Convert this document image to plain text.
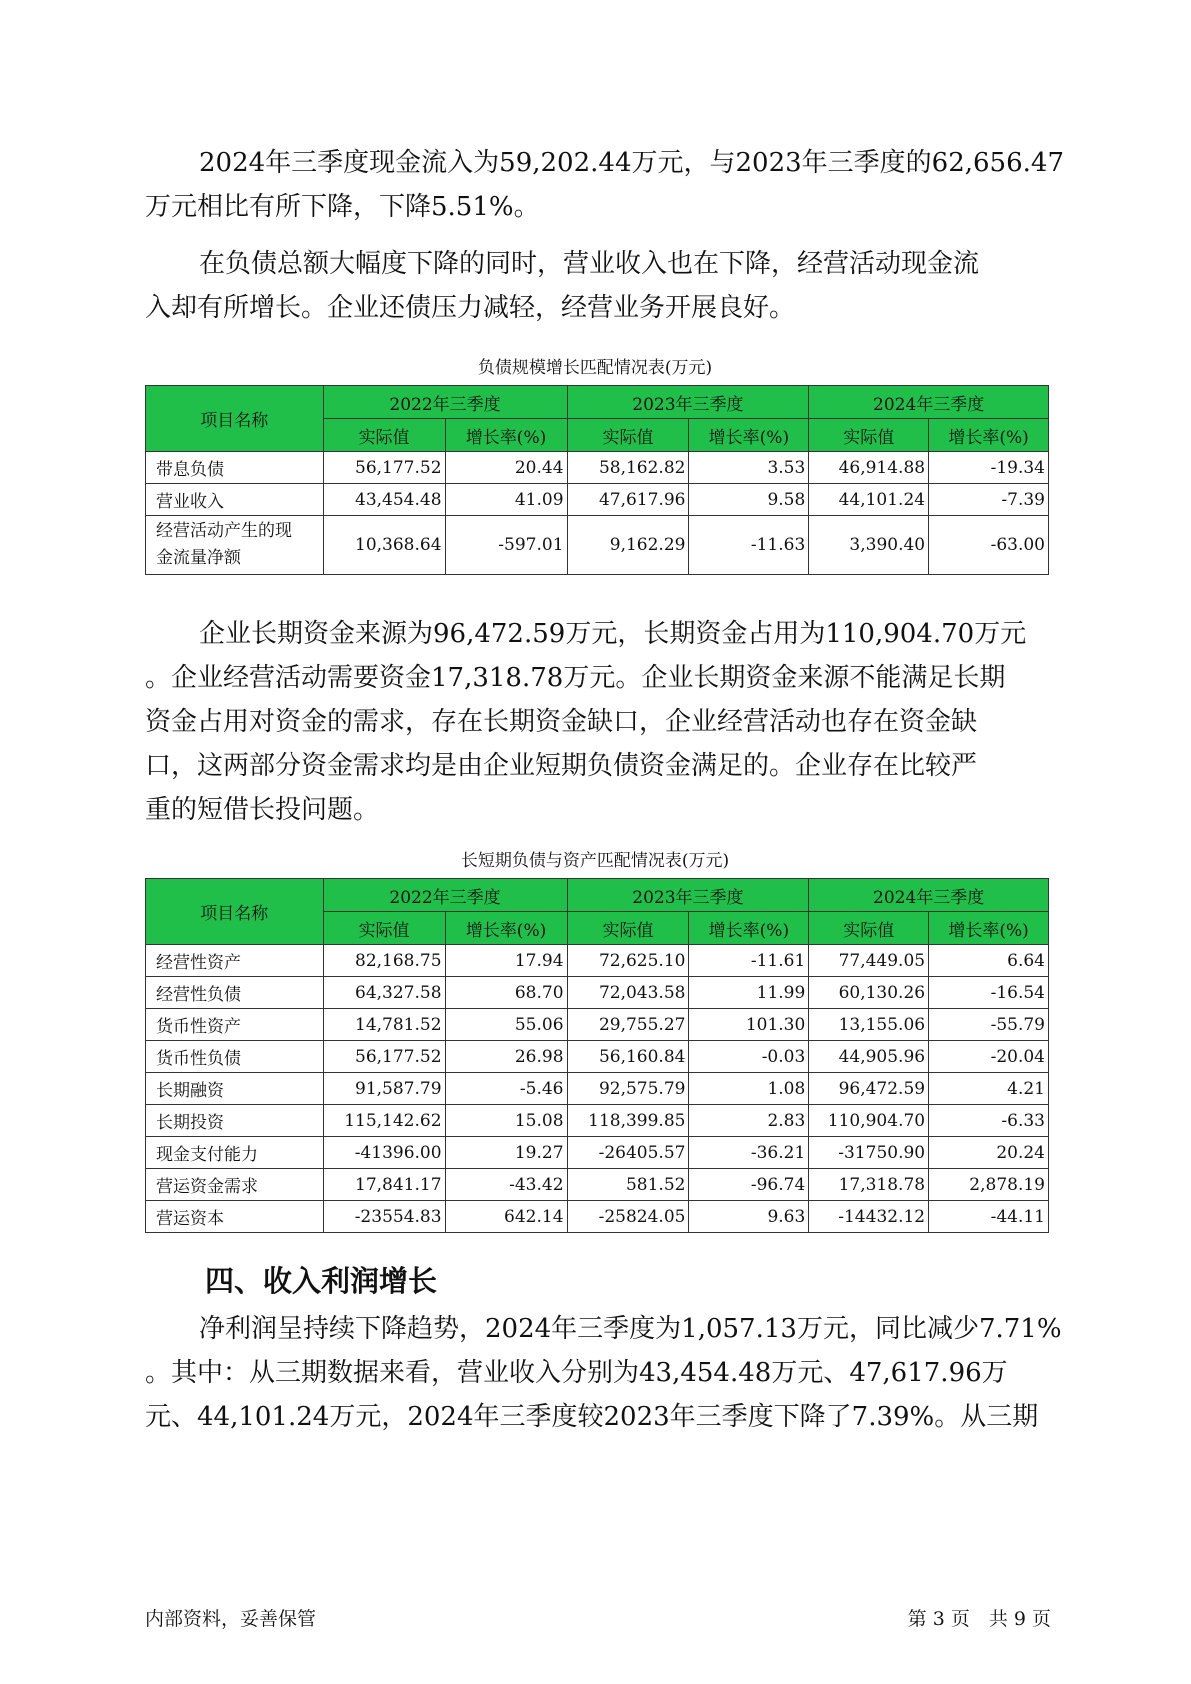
2024年三季度现金流入为59,202.44万元，与2023年三季度的62,656.47
万元相比有所下降，下降5.51%。
在负债总额大幅度下降的同时，营业收入也在下降，经营活动现金流
入却有所增长。企业还债压力减轻，经营业务开展良好。
负债规模增长匹配情况表(万元)
项目名称	2022年三季度		2023年三季度		2024年三季度	
	实际值	增长率(%)	实际值	增长率(%)	实际值	增长率(%)
带息负债	56,177.52	20.44	58,162.82	3.53	46,914.88	-19.34
营业收入	43,454.48	41.09	47,617.96	9.58	44,101.24	-7.39
经营活动产生的现
金流量净额	10,368.64	-597.01	9,162.29	-11.63	3,390.40	-63.00
企业长期资金来源为96,472.59万元，长期资金占用为110,904.70万元
。企业经营活动需要资金17,318.78万元。企业长期资金来源不能满足长期
资金占用对资金的需求，存在长期资金缺口，企业经营活动也存在资金缺
口，这两部分资金需求均是由企业短期负债资金满足的。企业存在比较严
重的短借长投问题。
长短期负债与资产匹配情况表(万元)
项目名称	2022年三季度		2023年三季度		2024年三季度	
	实际值	增长率(%)	实际值	增长率(%)	实际值	增长率(%)
经营性资产	82,168.75	17.94	72,625.10	-11.61	77,449.05	6.64
经营性负债	64,327.58	68.70	72,043.58	11.99	60,130.26	-16.54
货币性资产	14,781.52	55.06	29,755.27	101.30	13,155.06	-55.79
货币性负债	56,177.52	26.98	56,160.84	-0.03	44,905.96	-20.04
长期融资	91,587.79	-5.46	92,575.79	1.08	96,472.59	4.21
长期投资	115,142.62	15.08	118,399.85	2.83	110,904.70	-6.33
现金支付能力	-41396.00	19.27	-26405.57	-36.21	-31750.90	20.24
营运资金需求	17,841.17	-43.42	581.52	-96.74	17,318.78	2,878.19
营运资本	-23554.83	642.14	-25824.05	9.63	-14432.12	-44.11
四、收入利润增长
净利润呈持续下降趋势，2024年三季度为1,057.13万元，同比减少7.71%
。其中：从三期数据来看，营业收入分别为43,454.48万元、47,617.96万
元、44,101.24万元，2024年三季度较2023年三季度下降了7.39%。从三期
内部资料，妥善保管	第 3 页　共 9 页
